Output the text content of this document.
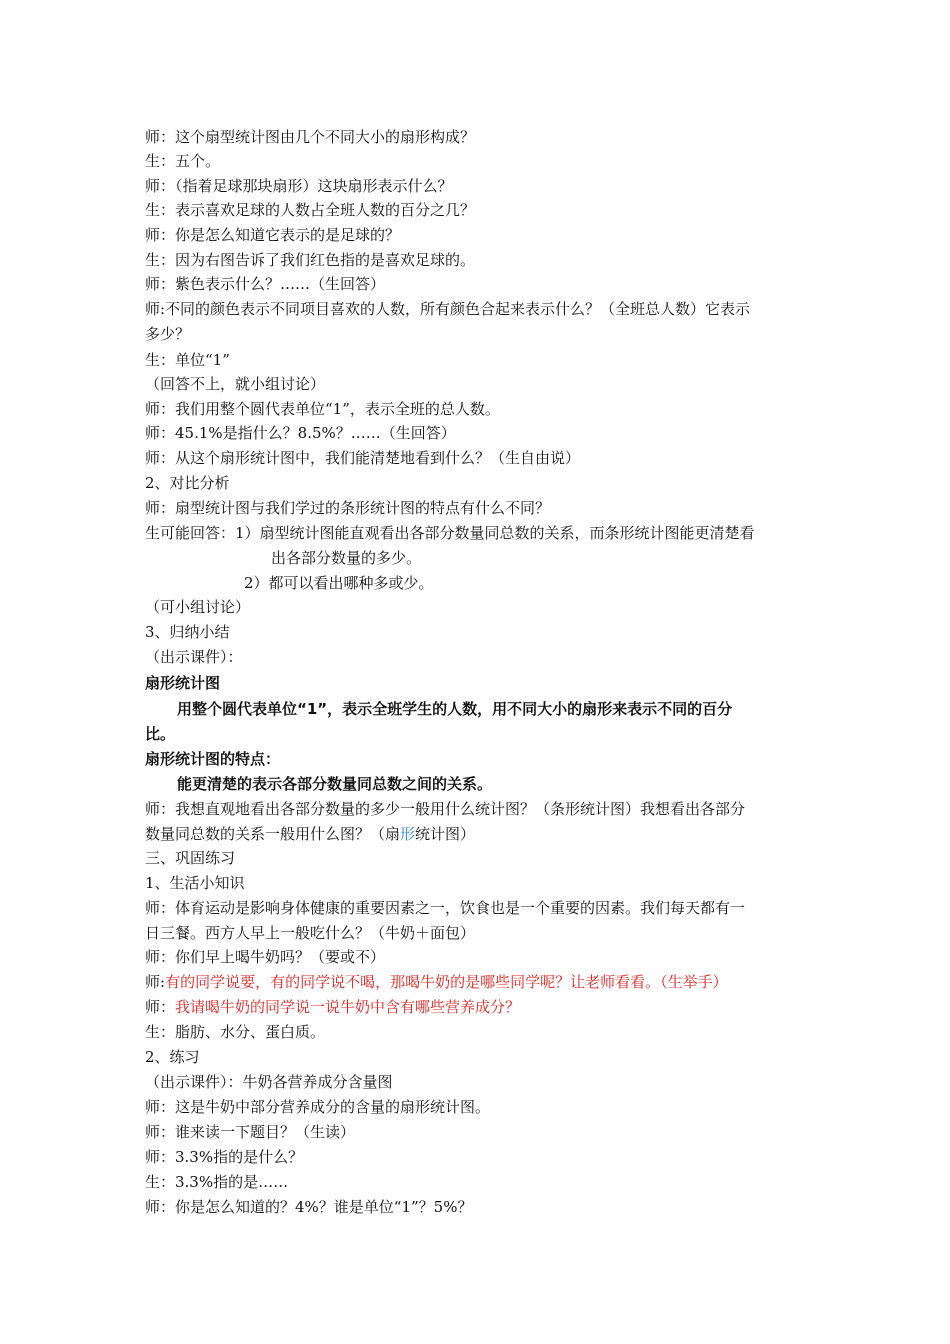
师：这个扇型统计图由几个不同大小的扇形构成？
生：五个。
师：（指着足球那块扇形）这块扇形表示什么？
生：表示喜欢足球的人数占全班人数的百分之几？
师：你是怎么知道它表示的是足球的？
生：因为右图告诉了我们红色指的是喜欢足球的。
师：紫色表示什么？……（生回答）
师:不同的颜色表示不同项目喜欢的人数，所有颜色合起来表示什么？（全班总人数）它表示
多少？
生：单位“1”
（回答不上，就小组讨论）
师：我们用整个圆代表单位“1”，表示全班的总人数。
师：45.1%是指什么？8.5%？……（生回答）
师：从这个扇形统计图中，我们能清楚地看到什么？（生自由说）
2、对比分析
师：扇型统计图与我们学过的条形统计图的特点有什么不同？
生可能回答：1）扇型统计图能直观看出各部分数量同总数的关系，而条形统计图能更清楚看
出各部分数量的多少。
2）都可以看出哪种多或少。
（可小组讨论）
3、归纳小结
（出示课件）：
扇形统计图
用整个圆代表单位“1”，表示全班学生的人数，用不同大小的扇形来表示不同的百分
比。
扇形统计图的特点：
能更清楚的表示各部分数量同总数之间的关系。
师：我想直观地看出各部分数量的多少一般用什么统计图？（条形统计图）我想看出各部分
数量同总数的关系一般用什么图？（扇形统计图）
三、巩固练习
1、生活小知识
师：体育运动是影响身体健康的重要因素之一，饮食也是一个重要的因素。我们每天都有一
日三餐。西方人早上一般吃什么？（牛奶＋面包）
师：你们早上喝牛奶吗？（要或不）
师:有的同学说要，有的同学说不喝，那喝牛奶的是哪些同学呢？让老师看看。（生举手）
师：我请喝牛奶的同学说一说牛奶中含有哪些营养成分？
生：脂肪、水分、蛋白质。
2、练习
（出示课件）：牛奶各营养成分含量图
师：这是牛奶中部分营养成分的含量的扇形统计图。
师：谁来读一下题目？（生读）
师：3.3%指的是什么？
生：3.3%指的是……
师：你是怎么知道的？4%？谁是单位“1”？5%？
